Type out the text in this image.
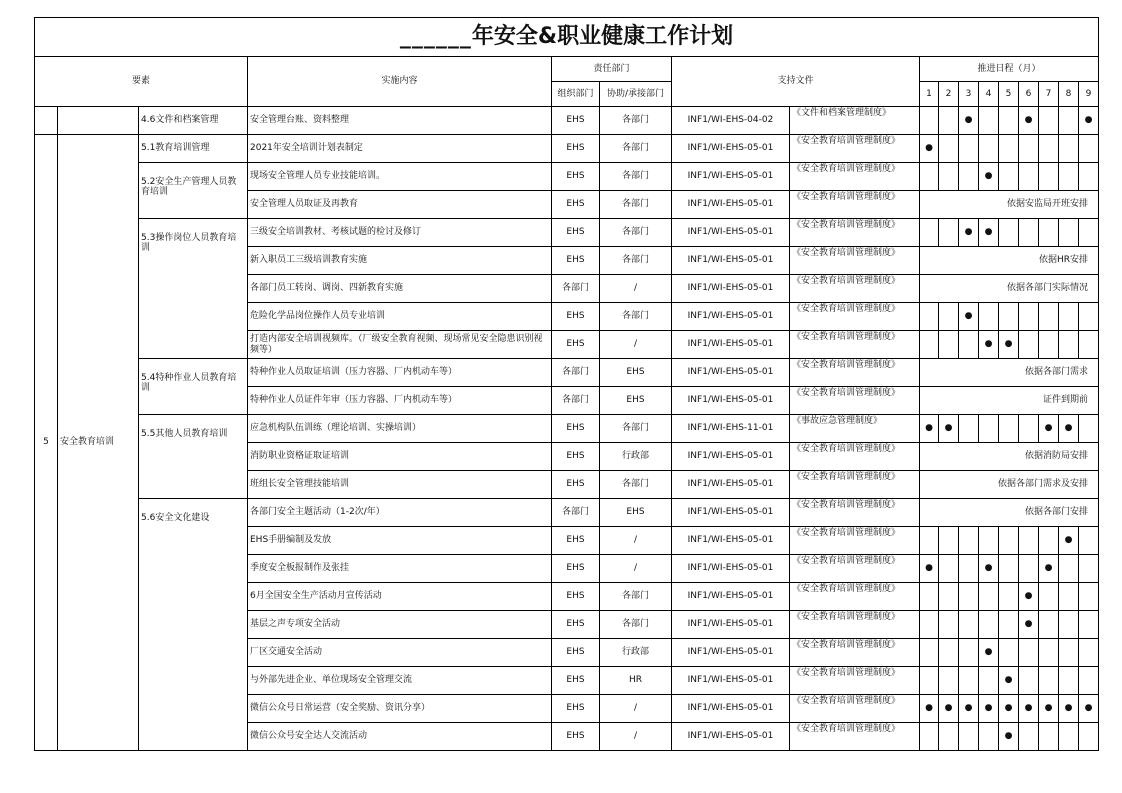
______年安全&职业健康工作计划																
要素			实施内容	责任部门		支持文件		推进日程（月）								
				组织部门	协助/承接部门			1	2	3	4	5	6	7	8	9
		4.6文件和档案管理	安全管理台账、资料整理	EHS	各部门	INF1/WI-EHS-04-02	《文件和档案管理制度》			●			●			●
5	安全教育培训	5.1教育培训管理	2021年安全培训计划表制定	EHS	各部门	INF1/WI-EHS-05-01	《安全教育培训管理制度》	●								
		5.2安全生产管理人员教育培训	现场安全管理人员专业技能培训。	EHS	各部门	INF1/WI-EHS-05-01	《安全教育培训管理制度》				●					
			安全管理人员取证及再教育	EHS	各部门	INF1/WI-EHS-05-01	《安全教育培训管理制度》	依据安监局开班安排								
		5.3操作岗位人员教育培训	三级安全培训教材、考核试题的检讨及修订	EHS	各部门	INF1/WI-EHS-05-01	《安全教育培训管理制度》			●	●					
			新入职员工三级培训教育实施	EHS	各部门	INF1/WI-EHS-05-01	《安全教育培训管理制度》	依据HR安排								
			各部门员工转岗、调岗、四新教育实施	各部门	/	INF1/WI-EHS-05-01	《安全教育培训管理制度》	依据各部门实际情况								
			危险化学品岗位操作人员专业培训	EHS	各部门	INF1/WI-EHS-05-01	《安全教育培训管理制度》			●						
			打造内部安全培训视频库。（厂级安全教育视频、现场常见安全隐患识别视频等）	EHS	/	INF1/WI-EHS-05-01	《安全教育培训管理制度》				●	●				
		5.4特种作业人员教育培训	特种作业人员取证培训（压力容器、厂内机动车等）	各部门	EHS	INF1/WI-EHS-05-01	《安全教育培训管理制度》	依据各部门需求								
			特种作业人员证件年审（压力容器、厂内机动车等）	各部门	EHS	INF1/WI-EHS-05-01	《安全教育培训管理制度》	证件到期前								
		5.5其他人员教育培训	应急机构队伍训练（理论培训、实操培训）	EHS	各部门	INF1/WI-EHS-11-01	《事故应急管理制度》	●	●					●	●	
			消防职业资格证取证培训	EHS	行政部	INF1/WI-EHS-05-01	《安全教育培训管理制度》	依据消防局安排								
			班组长安全管理技能培训	EHS	各部门	INF1/WI-EHS-05-01	《安全教育培训管理制度》	依据各部门需求及安排								
		5.6安全文化建设	各部门安全主题活动（1-2次/年）	各部门	EHS	INF1/WI-EHS-05-01	《安全教育培训管理制度》	依据各部门安排								
			EHS手册编制及发放	EHS	/	INF1/WI-EHS-05-01	《安全教育培训管理制度》								●	
			季度安全板报制作及张挂	EHS	/	INF1/WI-EHS-05-01	《安全教育培训管理制度》	●			●			●		
			6月全国安全生产活动月宣传活动	EHS	各部门	INF1/WI-EHS-05-01	《安全教育培训管理制度》						●			
			基层之声专项安全活动	EHS	各部门	INF1/WI-EHS-05-01	《安全教育培训管理制度》						●			
			厂区交通安全活动	EHS	行政部	INF1/WI-EHS-05-01	《安全教育培训管理制度》				●					
			与外部先进企业、单位现场安全管理交流	EHS	HR	INF1/WI-EHS-05-01	《安全教育培训管理制度》					●				
			微信公众号日常运营（安全奖励、资讯分享）	EHS	/	INF1/WI-EHS-05-01	《安全教育培训管理制度》	●	●	●	●	●	●	●	●	●
			微信公众号安全达人交流活动	EHS	/	INF1/WI-EHS-05-01	《安全教育培训管理制度》					●				
